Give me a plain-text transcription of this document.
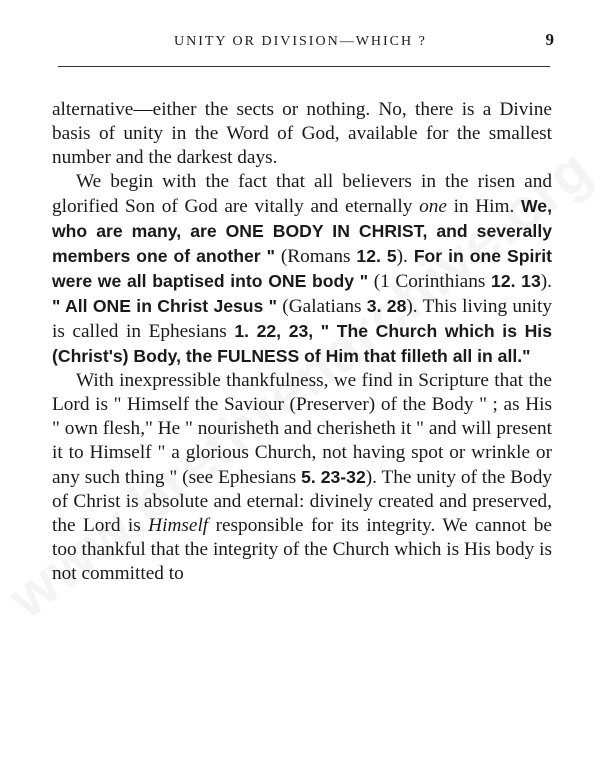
UNITY OR DIVISION—WHICH ?	9

alternative—either the sects or nothing. No, there is a Divine basis of unity in the Word of God, available for the smallest number and the darkest days.

We begin with the fact that all believers in the risen and glorified Son of God are vitally and eternally one in Him. We, who are many, are ONE BODY IN CHRIST, and severally members one of another " (Romans 12. 5). For in one Spirit were we all baptised into ONE body " (1 Corinthians 12. 13). " All ONE in Christ Jesus " (Galatians 3. 28). This living unity is called in Ephesians 1. 22, 23, " The Church which is His (Christ's) Body, the FULNESS of Him that filleth all in all."

With inexpressible thankfulness, we find in Scripture that the Lord is " Himself the Saviour (Preserver) of the Body " ; as His " own flesh," He " nourisheth and cherisheth it " and will present it to Himself " a glorious Church, not having spot or wrinkle or any such thing " (see Ephesians 5. 23-32). The unity of the Body of Christ is absolute and eternal: divinely created and preserved, the Lord is Himself responsible for its integrity. We cannot be too thankful that the integrity of the Church which is His body is not committed to
